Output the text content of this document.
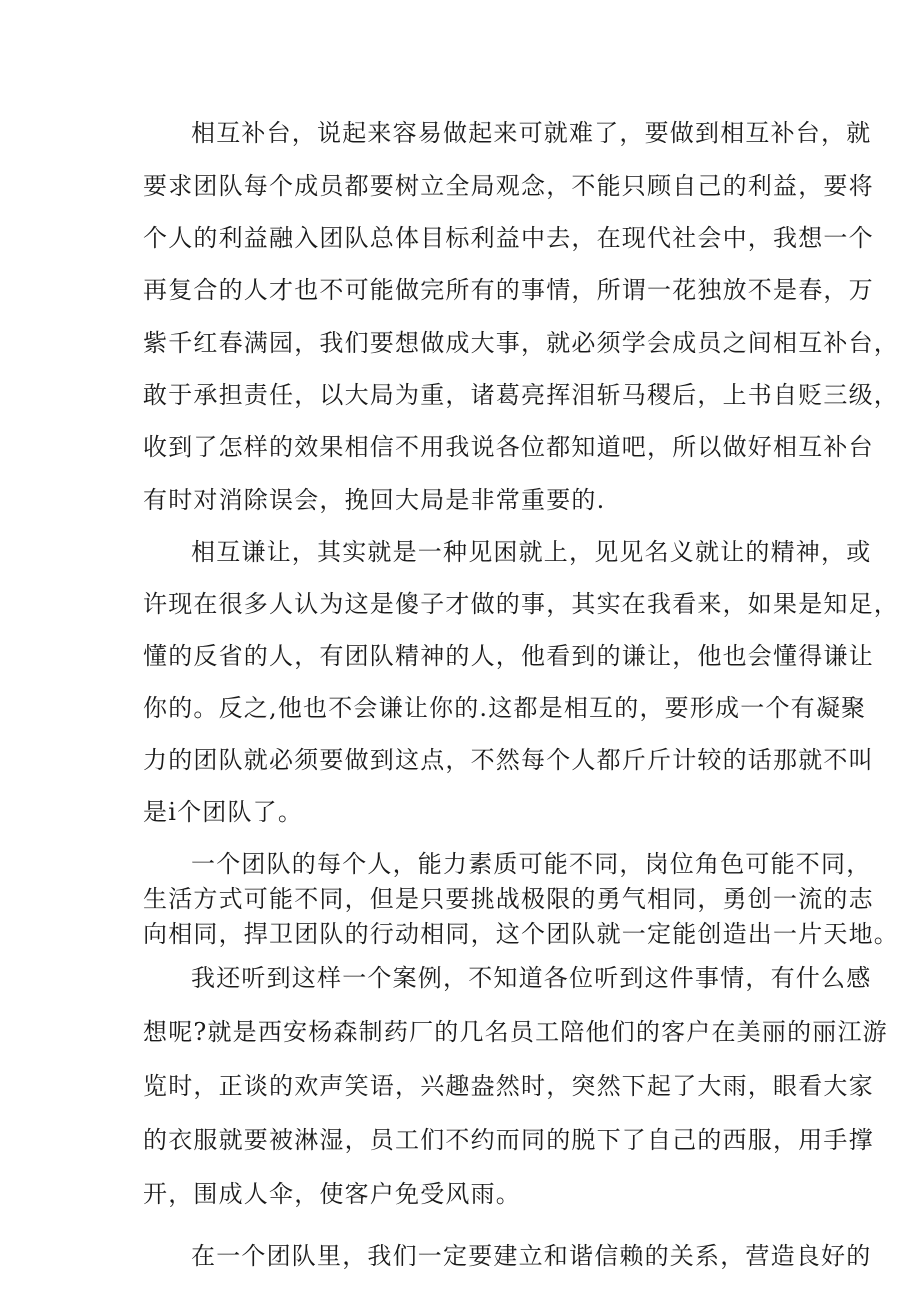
相互补台，说起来容易做起来可就难了，要做到相互补台，就
要求团队每个成员都要树立全局观念，不能只顾自己的利益，要将
个人的利益融入团队总体目标利益中去，在现代社会中，我想一个
再复合的人才也不可能做完所有的事情，所谓一花独放不是春，万
紫千红春满园，我们要想做成大事，就必须学会成员之间相互补台，
敢于承担责任，以大局为重，诸葛亮挥泪斩马稷后，上书自贬三级，
收到了怎样的效果相信不用我说各位都知道吧，所以做好相互补台
有时对消除误会，挽回大局是非常重要的.
相互谦让，其实就是一种见困就上，见见名义就让的精神，或
许现在很多人认为这是傻子才做的事，其实在我看来，如果是知足，
懂的反省的人，有团队精神的人，他看到的谦让，他也会懂得谦让
你的。反之,他也不会谦让你的.这都是相互的，要形成一个有凝聚
力的团队就必须要做到这点，不然每个人都斤斤计较的话那就不叫
是i个团队了。
一个团队的每个人，能力素质可能不同，岗位角色可能不同，
生活方式可能不同，但是只要挑战极限的勇气相同，勇创一流的志
向相同，捍卫团队的行动相同，这个团队就一定能创造出一片天地。
我还听到这样一个案例，不知道各位听到这件事情，有什么感
想呢?就是西安杨森制药厂的几名员工陪他们的客户在美丽的丽江游
览时，正谈的欢声笑语，兴趣盎然时，突然下起了大雨，眼看大家
的衣服就要被淋湿，员工们不约而同的脱下了自己的西服，用手撑
开，围成人伞，使客户免受风雨。
在一个团队里，我们一定要建立和谐信赖的关系，营造良好的
